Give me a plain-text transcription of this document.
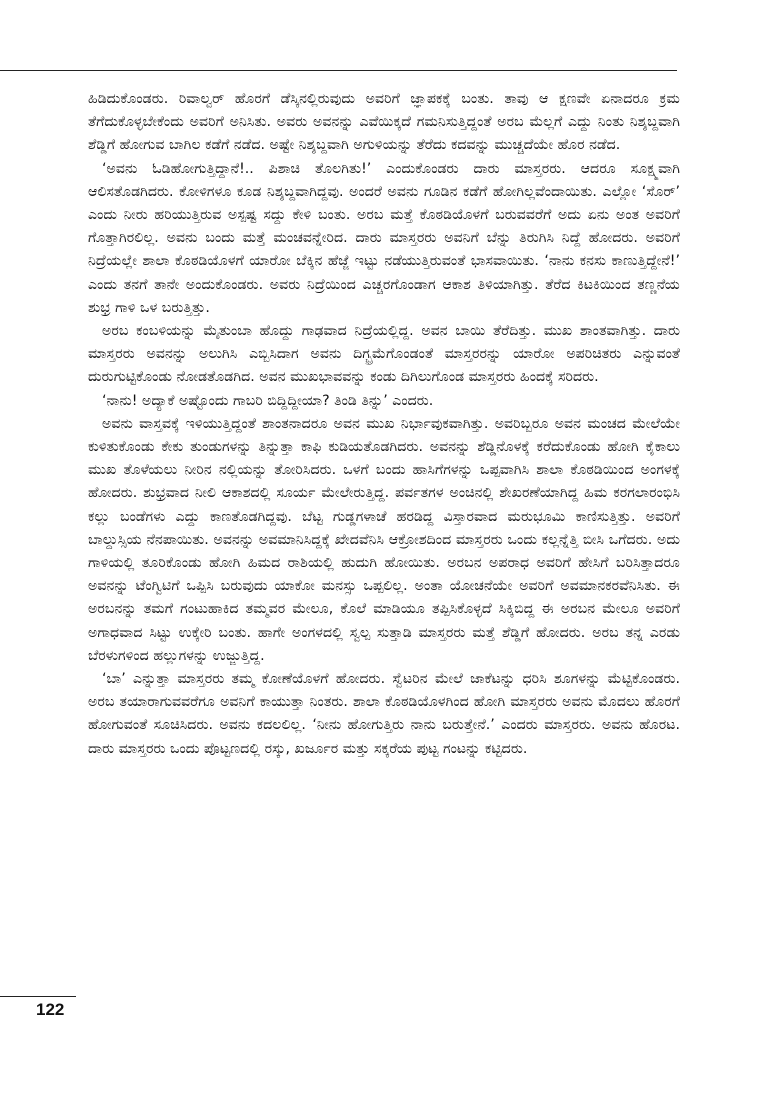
ಹಿಡಿದುಕೊಂಡರು. ರಿವಾಲ್ವರ್ ಹೊರಗೆ ಡೆಸ್ಕಿನಲ್ಲಿರುವುದು ಅವರಿಗೆ ಜ್ಞಾಪಕಕ್ಕೆ ಬಂತು. ತಾವು ಆ ಕ್ಷಣವೇ ಏನಾದರೂ ಕ್ರಮ ತೆಗೆದುಕೊಳ್ಳಬೇಕೆಂದು ಅವರಿಗೆ ಅನಿಸಿತು. ಅವರು ಅವನನ್ನು ಎವೆಯಿಕ್ಕದೆ ಗಮನಿಸುತ್ತಿದ್ದಂತೆ ಅರಬ ಮೆಲ್ಲಗೆ ಎದ್ದು ನಿಂತು ನಿಶ್ಶಬ್ದವಾಗಿ ಶೆಡ್ಡಿಗೆ ಹೋಗುವ ಬಾಗಿಲ ಕಡೆಗೆ ನಡೆದ. ಅಷ್ಟೇ ನಿಶ್ಶಬ್ದವಾಗಿ ಅಗುಳಿಯನ್ನು ತೆರೆದು ಕದವನ್ನು ಮುಚ್ಚದೆಯೇ ಹೊರ ನಡೆದ.

‘ಅವನು ಓಡಿಹೋಗುತ್ತಿದ್ದಾನೆ!.. ಪಿಶಾಚಿ ತೊಲಗಿತು!’ ಎಂದುಕೊಂಡರು ದಾರು ಮಾಸ್ತರರು. ಆದರೂ ಸೂಕ್ಷ್ಮವಾಗಿ ಆಲಿಸತೊಡಗಿದರು. ಕೋಳಿಗಳೂ ಕೂಡ ನಿಶ್ಶಬ್ದವಾಗಿದ್ದವು. ಅಂದರೆ ಅವನು ಗೂಡಿನ ಕಡೆಗೆ ಹೋಗಿಲ್ಲವೆಂದಾಯಿತು. ಎಲ್ಲೋ ‘ಸೊರ್’ ಎಂದು ನೀರು ಹರಿಯುತ್ತಿರುವ ಅಸ್ಪಷ್ಟ ಸದ್ದು ಕೇಳಿ ಬಂತು. ಅರಬ ಮತ್ತೆ ಕೊಠಡಿಯೊಳಗೆ ಬರುವವರೆಗೆ ಅದು ಏನು ಅಂತ ಅವರಿಗೆ ಗೊತ್ತಾಗಿರಲಿಲ್ಲ. ಅವನು ಬಂದು ಮತ್ತೆ ಮಂಚವನ್ನೇರಿದ. ದಾರು ಮಾಸ್ತರರು ಅವನಿಗೆ ಬೆನ್ನು ತಿರುಗಿಸಿ ನಿದ್ದೆ ಹೋದರು. ಅವರಿಗೆ ನಿದ್ರೆಯಲ್ಲೇ ಶಾಲಾ ಕೊಠಡಿಯೊಳಗೆ ಯಾರೋ ಬೆಕ್ಕಿನ ಹೆಜ್ಜೆ ಇಟ್ಟು ನಡೆಯುತ್ತಿರುವಂತೆ ಭಾಸವಾಯಿತು. ‘ನಾನು ಕನಸು ಕಾಣುತ್ತಿದ್ದೇನೆ!’ ಎಂದು ತನಗೆ ತಾನೇ ಅಂದುಕೊಂಡರು. ಅವರು ನಿದ್ರೆಯಿಂದ ಎಚ್ಚರಗೊಂಡಾಗ ಆಕಾಶ ತಿಳಿಯಾಗಿತ್ತು. ತೆರೆದ ಕಿಟಕಿಯಿಂದ ತಣ್ಣನೆಯ ಶುಭ್ರ ಗಾಳಿ ಒಳ ಬರುತ್ತಿತ್ತು.

ಅರಬ ಕಂಬಳಿಯನ್ನು ಮೈತುಂಬಾ ಹೊದ್ದು ಗಾಢವಾದ ನಿದ್ರೆಯಲ್ಲಿದ್ದ. ಅವನ ಬಾಯಿ ತೆರೆದಿತ್ತು. ಮುಖ ಶಾಂತವಾಗಿತ್ತು. ದಾರು ಮಾಸ್ತರರು ಅವನನ್ನು ಅಲುಗಿಸಿ ಎಬ್ಬಿಸಿದಾಗ ಅವನು ದಿಗ್ಭ್ರಮೆಗೊಂಡಂತೆ ಮಾಸ್ತರರನ್ನು ಯಾರೋ ಅಪರಿಚಿತರು ಎನ್ನುವಂತೆ ದುರುಗುಟ್ಟಿಕೊಂಡು ನೋಡತೊಡಗಿದ. ಅವನ ಮುಖಭಾವವನ್ನು ಕಂಡು ದಿಗಿಲುಗೊಂಡ ಮಾಸ್ತರರು ಹಿಂದಕ್ಕೆ ಸರಿದರು.

‘ನಾನು! ಅದ್ಯಾಕೆ ಅಷ್ಟೊಂದು ಗಾಬರಿ ಬಿದ್ದಿದ್ದೀಯಾ? ತಿಂಡಿ ತಿನ್ನು’ ಎಂದರು.

ಅವನು ವಾಸ್ತವಕ್ಕೆ ಇಳಿಯುತ್ತಿದ್ದಂತೆ ಶಾಂತನಾದರೂ ಅವನ ಮುಖ ನಿರ್ಭಾವುಕವಾಗಿತ್ತು. ಅವರಿಬ್ಬರೂ ಅವನ ಮಂಚದ ಮೇಲೆಯೇ ಕುಳಿತುಕೊಂಡು ಕೇಕು ತುಂಡುಗಳನ್ನು ತಿನ್ನುತ್ತಾ ಕಾಫಿ ಕುಡಿಯತೊಡಗಿದರು. ಅವನನ್ನು ಶೆಡ್ಡಿನೊಳಕ್ಕೆ ಕರೆದುಕೊಂಡು ಹೋಗಿ ಕೈಕಾಲು ಮುಖ ತೊಳೆಯಲು ನೀರಿನ ನಲ್ಲಿಯನ್ನು ತೋರಿಸಿದರು. ಒಳಗೆ ಬಂದು ಹಾಸಿಗೆಗಳನ್ನು ಒಪ್ಪವಾಗಿಸಿ ಶಾಲಾ ಕೊಠಡಿಯಿಂದ ಅಂಗಳಕ್ಕೆ ಹೋದರು. ಶುಭ್ರವಾದ ನೀಲಿ ಆಕಾಶದಲ್ಲಿ ಸೂರ್ಯ ಮೇಲೇರುತ್ತಿದ್ದ. ಪರ್ವತಗಳ ಅಂಚಿನಲ್ಲಿ ಶೇಖರಣೆಯಾಗಿದ್ದ ಹಿಮ ಕರಗಲಾರಂಭಿಸಿ ಕಲ್ಲು ಬಂಡೆಗಳು ಎದ್ದು ಕಾಣತೊಡಗಿದ್ದವು. ಬೆಟ್ಟ ಗುಡ್ಡಗಳಾಚೆ ಹರಡಿದ್ದ ವಿಸ್ತಾರವಾದ ಮರುಭೂಮಿ ಕಾಣಿಸುತ್ತಿತ್ತು. ಅವರಿಗೆ ಬಾಲ್ದುಸ್ಸಿಯ ನೆನಪಾಯಿತು. ಅವನನ್ನು ಅವಮಾನಿಸಿದ್ದಕ್ಕೆ ಖೇದವೆನಿಸಿ ಆಕ್ರೋಶದಿಂದ ಮಾಸ್ತರರು ಒಂದು ಕಲ್ಲನ್ನೆತ್ತಿ ಬೀಸಿ ಒಗೆದರು. ಅದು ಗಾಳಿಯಲ್ಲಿ ತೂರಿಕೊಂಡು ಹೋಗಿ ಹಿಮದ ರಾಶಿಯಲ್ಲಿ ಹುದುಗಿ ಹೋಯಿತು. ಅರಬನ ಅಪರಾಧ ಅವರಿಗೆ ಹೇಸಿಗೆ ಬರಿಸಿತ್ತಾದರೂ ಅವನನ್ನು ಟೆಂಗ್ವಿಟಿಗೆ ಒಪ್ಪಿಸಿ ಬರುವುದು ಯಾಕೋ ಮನಸ್ಸು ಒಪ್ಪಲಿಲ್ಲ. ಅಂತಾ ಯೋಚನೆಯೇ ಅವರಿಗೆ ಅವಮಾನಕರವೆನಿಸಿತು. ಈ ಅರಬನನ್ನು ತಮಗೆ ಗಂಟುಹಾಕಿದ ತಮ್ಮವರ ಮೇಲೂ, ಕೊಲೆ ಮಾಡಿಯೂ ತಪ್ಪಿಸಿಕೊಳ್ಳದೆ ಸಿಕ್ಕಿಬಿದ್ದ ಈ ಅರಬನ ಮೇಲೂ ಅವರಿಗೆ ಅಗಾಧವಾದ ಸಿಟ್ಟು ಉಕ್ಕೇರಿ ಬಂತು. ಹಾಗೇ ಅಂಗಳದಲ್ಲಿ ಸ್ವಲ್ಪ ಸುತ್ತಾಡಿ ಮಾಸ್ತರರು ಮತ್ತೆ ಶೆಡ್ಡಿಗೆ ಹೋದರು. ಅರಬ ತನ್ನ ಎರಡು ಬೆರಳುಗಳಿಂದ ಹಲ್ಲುಗಳನ್ನು ಉಜ್ಜುತ್ತಿದ್ದ.

‘ಬಾ’ ಎನ್ನುತ್ತಾ ಮಾಸ್ತರರು ತಮ್ಮ ಕೋಣೆಯೊಳಗೆ ಹೋದರು. ಸ್ವೆಟರಿನ ಮೇಲೆ ಜಾಕೆಟನ್ನು ಧರಿಸಿ ಶೂಗಳನ್ನು ಮೆಟ್ಟಿಕೊಂಡರು. ಅರಬ ತಯಾರಾಗುವವರೆಗೂ ಅವನಿಗೆ ಕಾಯುತ್ತಾ ನಿಂತರು. ಶಾಲಾ ಕೊಠಡಿಯೊಳಗಿಂದ ಹೋಗಿ ಮಾಸ್ತರರು ಅವನು ಮೊದಲು ಹೊರಗೆ ಹೋಗುವಂತೆ ಸೂಚಿಸಿದರು. ಅವನು ಕದಲಲಿಲ್ಲ. ‘ನೀನು ಹೋಗುತ್ತಿರು ನಾನು ಬರುತ್ತೇನೆ.’ ಎಂದರು ಮಾಸ್ತರರು. ಅವನು ಹೊರಟ. ದಾರು ಮಾಸ್ತರರು ಒಂದು ಪೊಟ್ಟಣದಲ್ಲಿ ರಸ್ಕು, ಖರ್ಜೂರ ಮತ್ತು ಸಕ್ಕರೆಯ ಪುಟ್ಟ ಗಂಟನ್ನು ಕಟ್ಟಿದರು.

122
